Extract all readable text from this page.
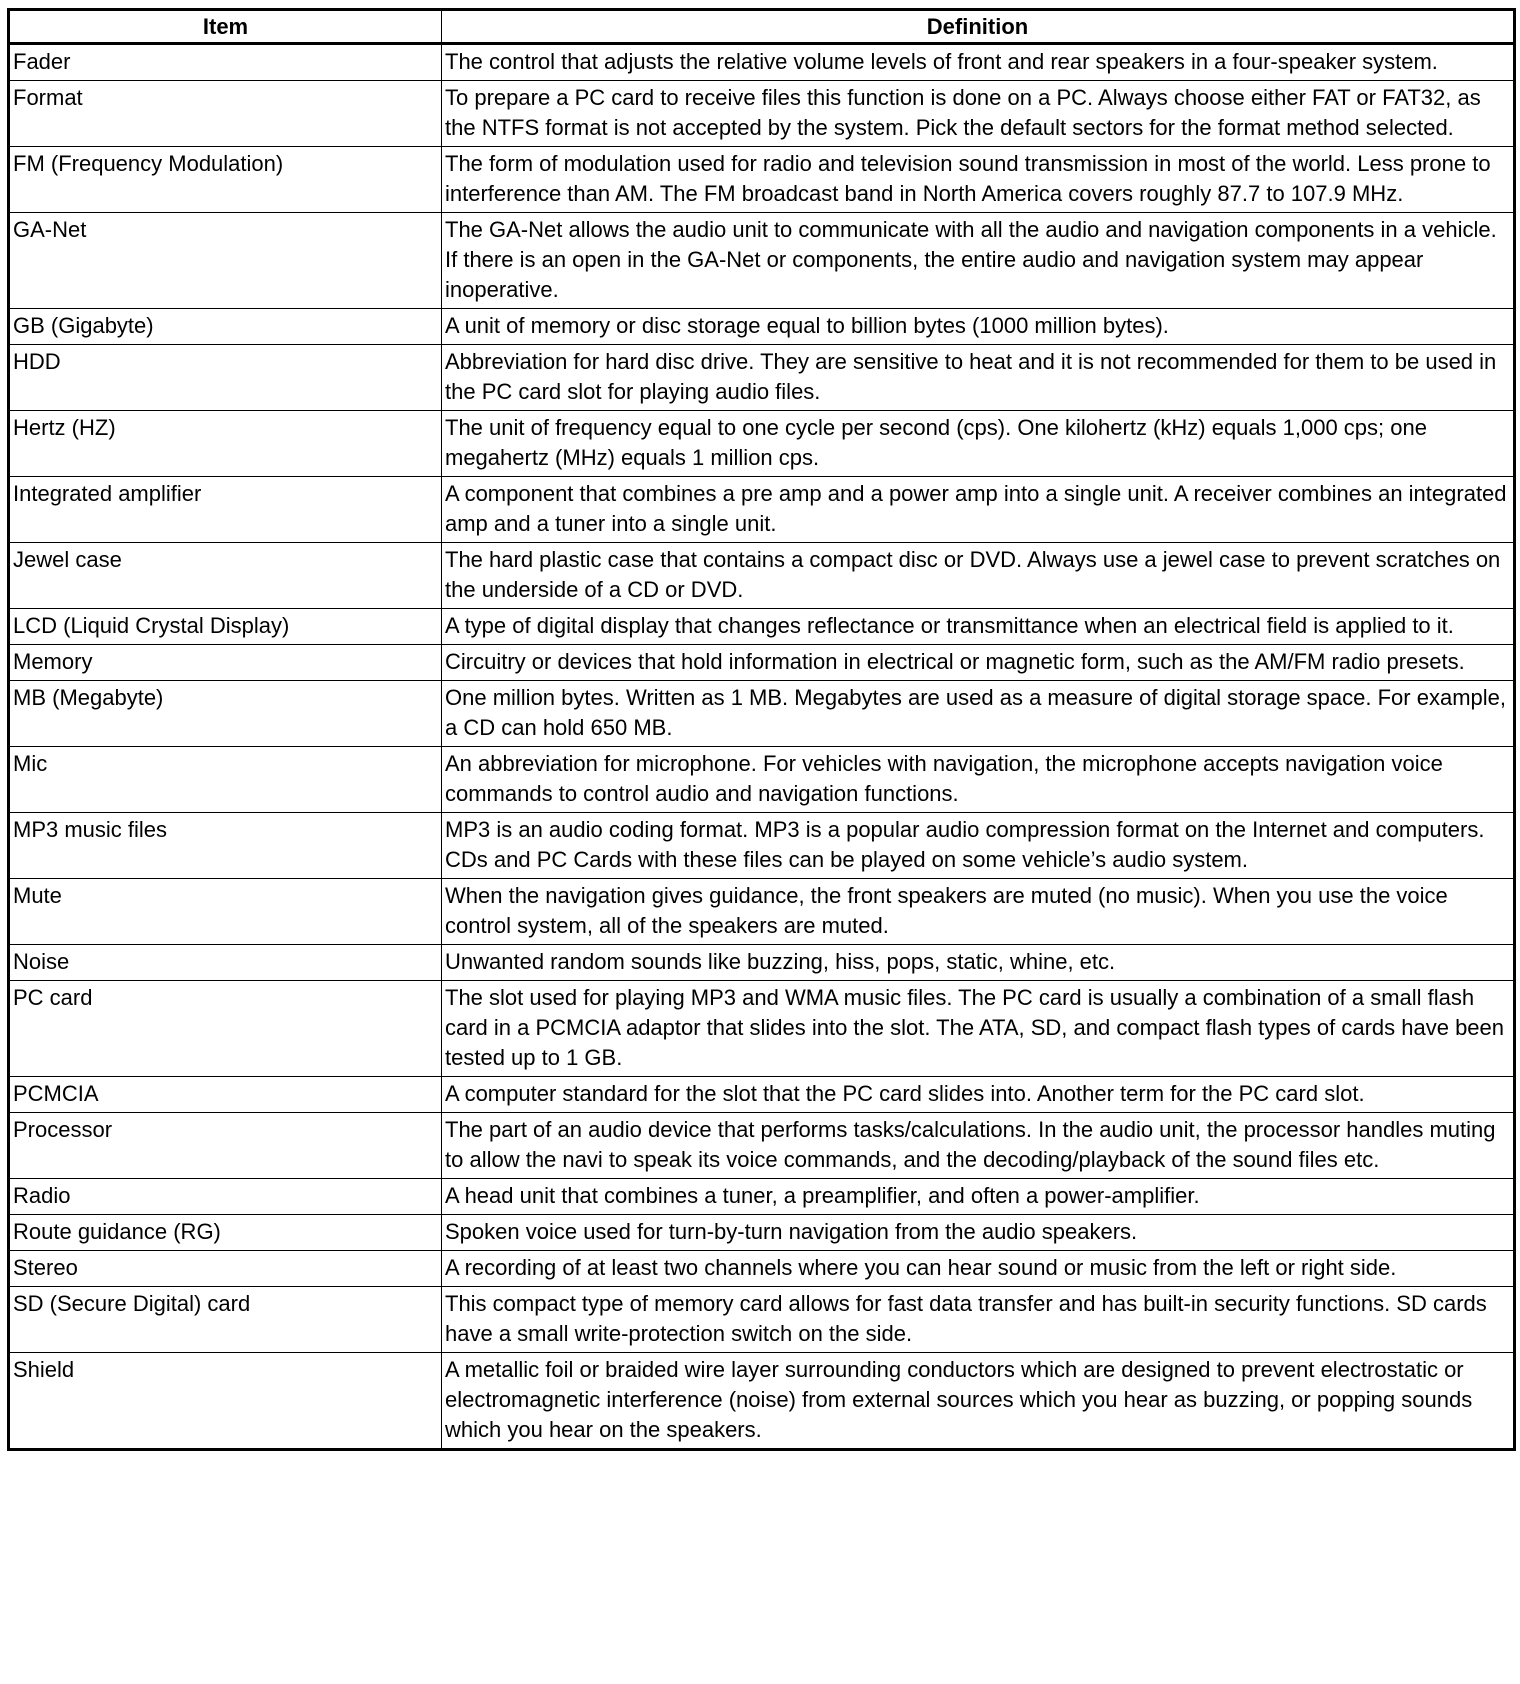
Item	Definition
Fader	The control that adjusts the relative volume levels of front and rear speakers in a four-speaker system.
Format	To prepare a PC card to receive files this function is done on a PC. Always choose either FAT or FAT32, as the NTFS format is not accepted by the system. Pick the default sectors for the format method selected.
FM (Frequency Modulation)	The form of modulation used for radio and television sound transmission in most of the world. Less prone to interference than AM. The FM broadcast band in North America covers roughly 87.7 to 107.9 MHz.
GA-Net	The GA-Net allows the audio unit to communicate with all the audio and navigation components in a vehicle. If there is an open in the GA-Net or components, the entire audio and navigation system may appear inoperative.
GB (Gigabyte)	A unit of memory or disc storage equal to billion bytes (1000 million bytes).
HDD	Abbreviation for hard disc drive. They are sensitive to heat and it is not recommended for them to be used in the PC card slot for playing audio files.
Hertz (HZ)	The unit of frequency equal to one cycle per second (cps). One kilohertz (kHz) equals 1,000 cps; one megahertz (MHz) equals 1 million cps.
Integrated amplifier	A component that combines a pre amp and a power amp into a single unit. A receiver combines an integrated amp and a tuner into a single unit.
Jewel case	The hard plastic case that contains a compact disc or DVD. Always use a jewel case to prevent scratches on the underside of a CD or DVD.
LCD (Liquid Crystal Display)	A type of digital display that changes reflectance or transmittance when an electrical field is applied to it.
Memory	Circuitry or devices that hold information in electrical or magnetic form, such as the AM/FM radio presets.
MB (Megabyte)	One million bytes. Written as 1 MB. Megabytes are used as a measure of digital storage space. For example, a CD can hold 650 MB.
Mic	An abbreviation for microphone. For vehicles with navigation, the microphone accepts navigation voice commands to control audio and navigation functions.
MP3 music files	MP3 is an audio coding format. MP3 is a popular audio compression format on the Internet and computers. CDs and PC Cards with these files can be played on some vehicle’s audio system.
Mute	When the navigation gives guidance, the front speakers are muted (no music). When you use the voice control system, all of the speakers are muted.
Noise	Unwanted random sounds like buzzing, hiss, pops, static, whine, etc.
PC card	The slot used for playing MP3 and WMA music files. The PC card is usually a combination of a small flash card in a PCMCIA adaptor that slides into the slot. The ATA, SD, and compact flash types of cards have been tested up to 1 GB.
PCMCIA	A computer standard for the slot that the PC card slides into. Another term for the PC card slot.
Processor	The part of an audio device that performs tasks/calculations. In the audio unit, the processor handles muting to allow the navi to speak its voice commands, and the decoding/playback of the sound files etc.
Radio	A head unit that combines a tuner, a preamplifier, and often a power-amplifier.
Route guidance (RG)	Spoken voice used for turn-by-turn navigation from the audio speakers.
Stereo	A recording of at least two channels where you can hear sound or music from the left or right side.
SD (Secure Digital) card	This compact type of memory card allows for fast data transfer and has built-in security functions. SD cards have a small write-protection switch on the side.
Shield	A metallic foil or braided wire layer surrounding conductors which are designed to prevent electrostatic or electromagnetic interference (noise) from external sources which you hear as buzzing, or popping sounds which you hear on the speakers.
